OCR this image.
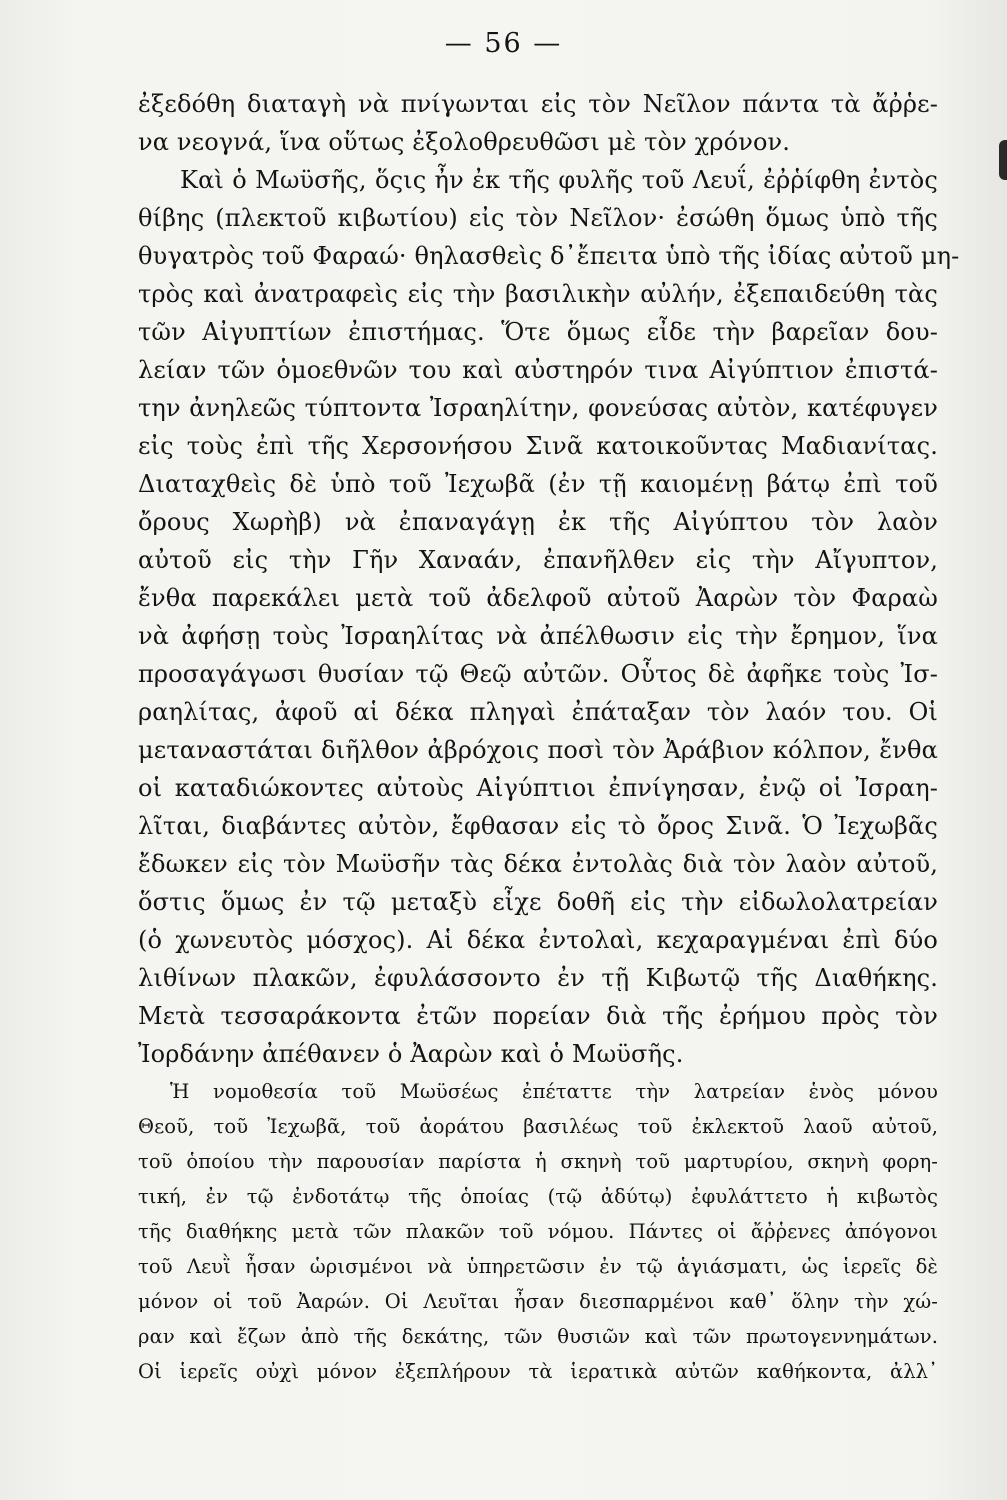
— 56 —
ἐξεδόθη διαταγὴ νὰ πνίγωνται εἰς τὸν Νεῖλον πάντα τὰ ἄῤῥε-
να νεογνά, ἵνα οὕτως ἐξολοθρευθῶσι μὲ τὸν χρόνον.
Καὶ ὁ Μωϋσῆς, ὅςις ἦν ἐκ τῆς φυλῆς τοῦ Λευΐ, ἐῤῥίφθη ἐντὸς
θίβης (πλεκτοῦ κιβωτίου) εἰς τὸν Νεῖλον· ἐσώθη ὅμως ὑπὸ τῆς
θυγατρὸς τοῦ Φαραώ· θηλασθεὶς δ᾽ἔπειτα ὑπὸ τῆς ἰδίας αὐτοῦ μη-
τρὸς καὶ ἀνατραφεὶς εἰς τὴν βασιλικὴν αὐλήν, ἐξεπαιδεύθη τὰς
τῶν Αἰγυπτίων ἐπιστήμας. Ὅτε ὅμως εἶδε τὴν βαρεῖαν δου-
λείαν τῶν ὁμοεθνῶν του καὶ αὐστηρόν τινα Αἰγύπτιον ἐπιστά-
την ἀνηλεῶς τύπτοντα Ἰσραηλίτην, φονεύσας αὐτὸν, κατέφυγεν
εἰς τοὺς ἐπὶ τῆς Χερσονήσου Σινᾶ κατοικοῦντας Μαδιανίτας.
Διαταχθεὶς δὲ ὑπὸ τοῦ Ἰεχωβᾶ (ἐν τῇ καιομένῃ βάτῳ ἐπὶ τοῦ
ὄρους Χωρὴβ) νὰ ἐπαναγάγῃ ἐκ τῆς Αἰγύπτου τὸν λαὸν
αὐτοῦ εἰς τὴν Γῆν Χαναάν, ἐπανῆλθεν εἰς τὴν Αἴγυπτον,
ἔνθα παρεκάλει μετὰ τοῦ ἀδελφοῦ αὐτοῦ Ἀαρὼν τὸν Φαραὼ
νὰ ἀφήσῃ τοὺς Ἰσραηλίτας νὰ ἀπέλθωσιν εἰς τὴν ἔρημον, ἵνα
προσαγάγωσι θυσίαν τῷ Θεῷ αὐτῶν. Οὗτος δὲ ἀφῆκε τοὺς Ἰσ-
ραηλίτας, ἀφοῦ αἱ δέκα πληγαὶ ἐπάταξαν τὸν λαόν του. Οἱ
μεταναστάται διῆλθον ἀβρόχοις ποσὶ τὸν Ἀράβιον κόλπον, ἔνθα
οἱ καταδιώκοντες αὐτοὺς Αἰγύπτιοι ἐπνίγησαν, ἐνῷ οἱ Ἰσραη-
λῖται, διαβάντες αὐτὸν, ἔφθασαν εἰς τὸ ὄρος Σινᾶ. Ὁ Ἰεχωβᾶς
ἔδωκεν εἰς τὸν Μωϋσῆν τὰς δέκα ἐντολὰς διὰ τὸν λαὸν αὐτοῦ,
ὅστις ὅμως ἐν τῷ μεταξὺ εἶχε δοθῆ εἰς τὴν εἰδωλολατρείαν
(ὁ χωνευτὸς μόσχος). Αἱ δέκα ἐντολαὶ, κεχαραγμέναι ἐπὶ δύο
λιθίνων πλακῶν, ἐφυλάσσοντο ἐν τῇ Κιβωτῷ τῆς Διαθήκης.
Μετὰ τεσσαράκοντα ἐτῶν πορείαν διὰ τῆς ἐρήμου πρὸς τὸν
Ἰορδάνην ἀπέθανεν ὁ Ἀαρὼν καὶ ὁ Μωϋσῆς.
Ἡ νομοθεσία τοῦ Μωϋσέως ἐπέταττε τὴν λατρείαν ἑνὸς μόνου
Θεοῦ, τοῦ Ἰεχωβᾶ, τοῦ ἀοράτου βασιλέως τοῦ ἐκλεκτοῦ λαοῦ αὐτοῦ,
τοῦ ὁποίου τὴν παρουσίαν παρίστα ἡ σκηνὴ τοῦ μαρτυρίου, σκηνὴ φορη-
τική, ἐν τῷ ἐνδοτάτῳ τῆς ὁποίας (τῷ ἀδύτῳ) ἐφυλάττετο ἡ κιβωτὸς
τῆς διαθήκης μετὰ τῶν πλακῶν τοῦ νόμου. Πάντες οἱ ἄῤῥενες ἀπόγονοι
τοῦ Λευῒ ἦσαν ὡρισμένοι νὰ ὑπηρετῶσιν ἐν τῷ ἁγιάσματι, ὡς ἱερεῖς δὲ
μόνον οἱ τοῦ Ἀαρών. Οἱ Λευῖται ἦσαν διεσπαρμένοι καθ᾽ ὅλην τὴν χώ-
ραν καὶ ἔζων ἀπὸ τῆς δεκάτης, τῶν θυσιῶν καὶ τῶν πρωτογεννημάτων.
Οἱ ἱερεῖς οὐχὶ μόνον ἐξεπλήρουν τὰ ἱερατικὰ αὐτῶν καθήκοντα, ἀλλ᾽
